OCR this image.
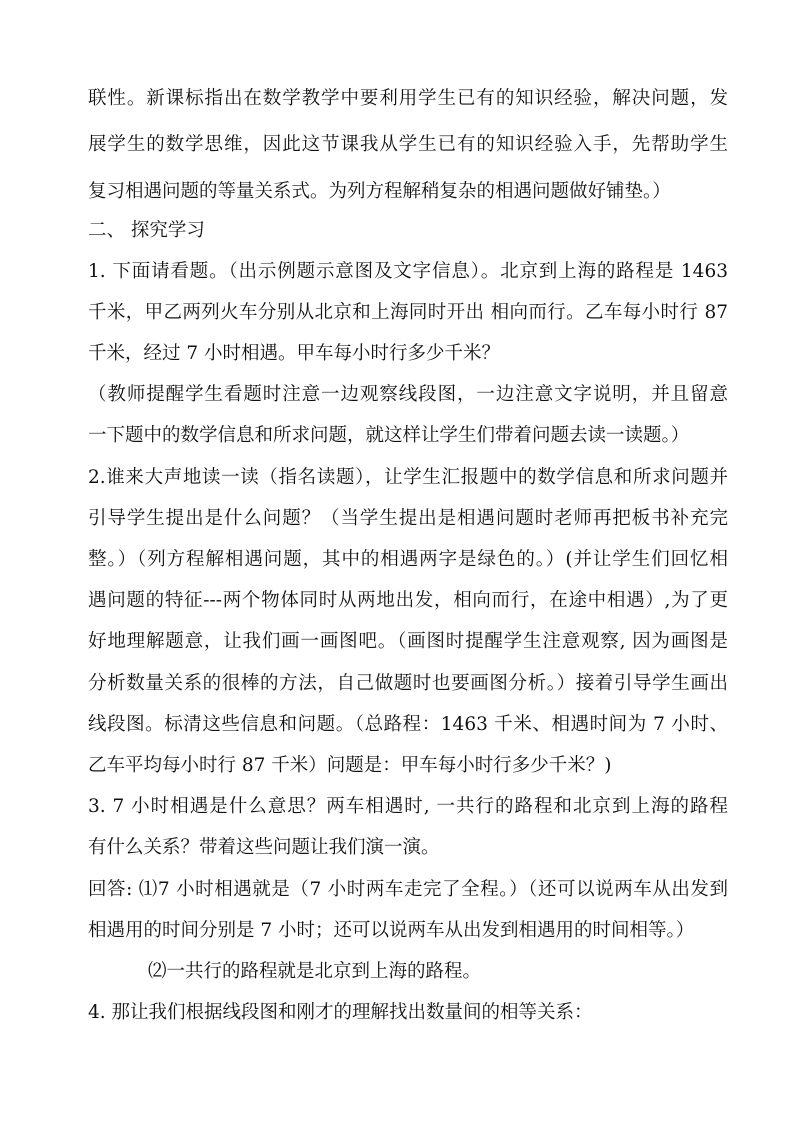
联性。新课标指出在数学教学中要利用学生已有的知识经验，解决问题，发
展学生的数学思维，因此这节课我从学生已有的知识经验入手，先帮助学生
复习相遇问题的等量关系式。为列方程解稍复杂的相遇问题做好铺垫。）
二、 探究学习
1. 下面请看题。（出示例题示意图及文字信息）。北京到上海的路程是 1463
千米，甲乙两列火车分别从北京和上海同时开出 相向而行。乙车每小时行 87
千米，经过 7 小时相遇。甲车每小时行多少千米？
（教师提醒学生看题时注意一边观察线段图，一边注意文字说明，并且留意
一下题中的数学信息和所求问题，就这样让学生们带着问题去读一读题。）
2.谁来大声地读一读（指名读题），让学生汇报题中的数学信息和所求问题并
引导学生提出是什么问题？（当学生提出是相遇问题时老师再把板书补充完
整。）（列方程解相遇问题，其中的相遇两字是绿色的。）(并让学生们回忆相
遇问题的特征---两个物体同时从两地出发，相向而行，在途中相遇）,为了更
好地理解题意，让我们画一画图吧。（画图时提醒学生注意观察, 因为画图是
分析数量关系的很棒的方法，自己做题时也要画图分析。）接着引导学生画出
线段图。标清这些信息和问题。（总路程：1463 千米、相遇时间为 7 小时、
乙车平均每小时行 87 千米）问题是：甲车每小时行多少千米？)
3. 7 小时相遇是什么意思？两车相遇时, 一共行的路程和北京到上海的路程
有什么关系？带着这些问题让我们演一演。
回答: ⑴7 小时相遇就是（7 小时两车走完了全程。）（还可以说两车从出发到
相遇用的时间分别是 7 小时；还可以说两车从出发到相遇用的时间相等。）
⑵一共行的路程就是北京到上海的路程。
4. 那让我们根据线段图和刚才的理解找出数量间的相等关系：
